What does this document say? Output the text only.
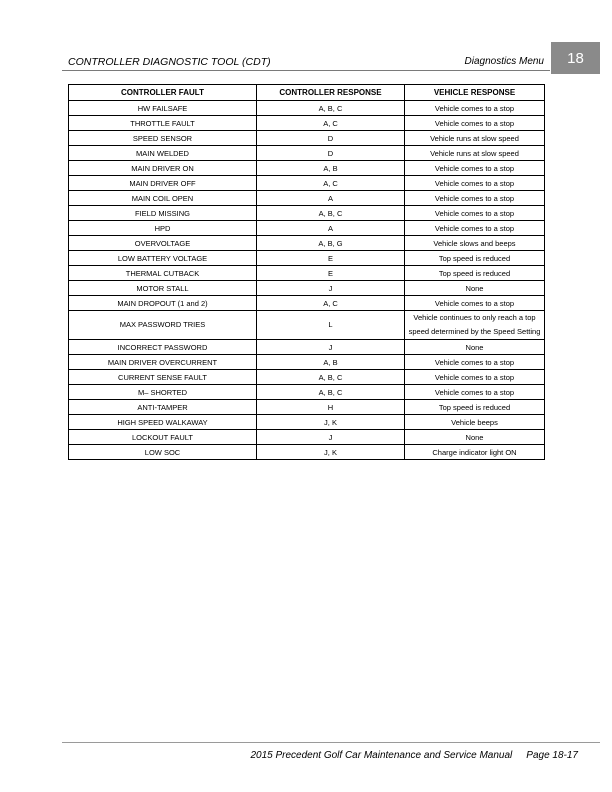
18
CONTROLLER DIAGNOSTIC TOOL (CDT)	Diagnostics Menu
CONTROLLER FAULT	CONTROLLER RESPONSE	VEHICLE RESPONSE
HW FAILSAFE	A, B, C	Vehicle comes to a stop
THROTTLE FAULT	A, C	Vehicle comes to a stop
SPEED SENSOR	D	Vehicle runs at slow speed
MAIN WELDED	D	Vehicle runs at slow speed
MAIN DRIVER ON	A, B	Vehicle comes to a stop
MAIN DRIVER OFF	A, C	Vehicle comes to a stop
MAIN COIL OPEN	A	Vehicle comes to a stop
FIELD MISSING	A, B, C	Vehicle comes to a stop
HPD	A	Vehicle comes to a stop
OVERVOLTAGE	A, B, G	Vehicle slows and beeps
LOW BATTERY VOLTAGE	E	Top speed is reduced
THERMAL CUTBACK	E	Top speed is reduced
MOTOR STALL	J	None
MAIN DROPOUT (1 and 2)	A, C	Vehicle comes to a stop
MAX PASSWORD TRIES	L	Vehicle continues to only reach a top
speed determined by the Speed Setting

INCORRECT PASSWORD	J	None
MAIN DRIVER OVERCURRENT	A, B	Vehicle comes to a stop
CURRENT SENSE FAULT	A, B, C	Vehicle comes to a stop
M– SHORTED	A, B, C	Vehicle comes to a stop
ANTI-TAMPER	H	Top speed is reduced
HIGH SPEED WALKAWAY	J, K	Vehicle beeps
LOCKOUT FAULT	J	None
LOW SOC	J, K	Charge indicator light ON
2015 Precedent Golf Car Maintenance and Service Manual Page 18-17
